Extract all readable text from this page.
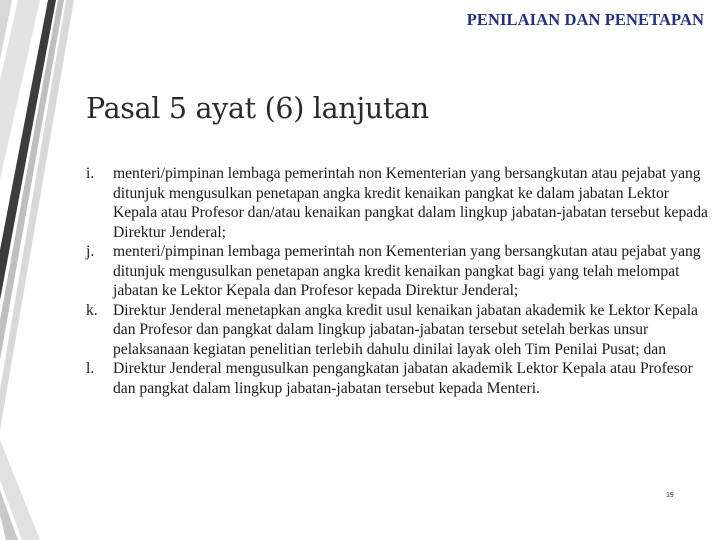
PENILAIAN DAN PENETAPAN
Pasal 5 ayat (6) lanjutan
i.	menteri/pimpinan lembaga pemerintah non Kementerian yang bersangkutan atau pejabat yang ditunjuk mengusulkan penetapan angka kredit kenaikan pangkat ke dalam jabatan Lektor Kepala atau Profesor dan/atau kenaikan pangkat dalam lingkup jabatan-jabatan tersebut kepada Direktur Jenderal;
j.	menteri/pimpinan lembaga pemerintah non Kementerian yang bersangkutan atau pejabat yang ditunjuk mengusulkan penetapan angka kredit kenaikan pangkat bagi yang telah melompat jabatan ke Lektor Kepala dan Profesor kepada Direktur Jenderal;
k. Direktur Jenderal menetapkan angka kredit usul kenaikan jabatan akademik ke Lektor Kepala dan Profesor dan pangkat dalam lingkup jabatan-jabatan tersebut setelah berkas unsur pelaksanaan kegiatan penelitian terlebih dahulu dinilai layak oleh Tim Penilai Pusat; dan
l.	Direktur Jenderal mengusulkan pengangkatan jabatan akademik Lektor Kepala atau Profesor dan pangkat dalam lingkup jabatan-jabatan tersebut kepada Menteri.
19
